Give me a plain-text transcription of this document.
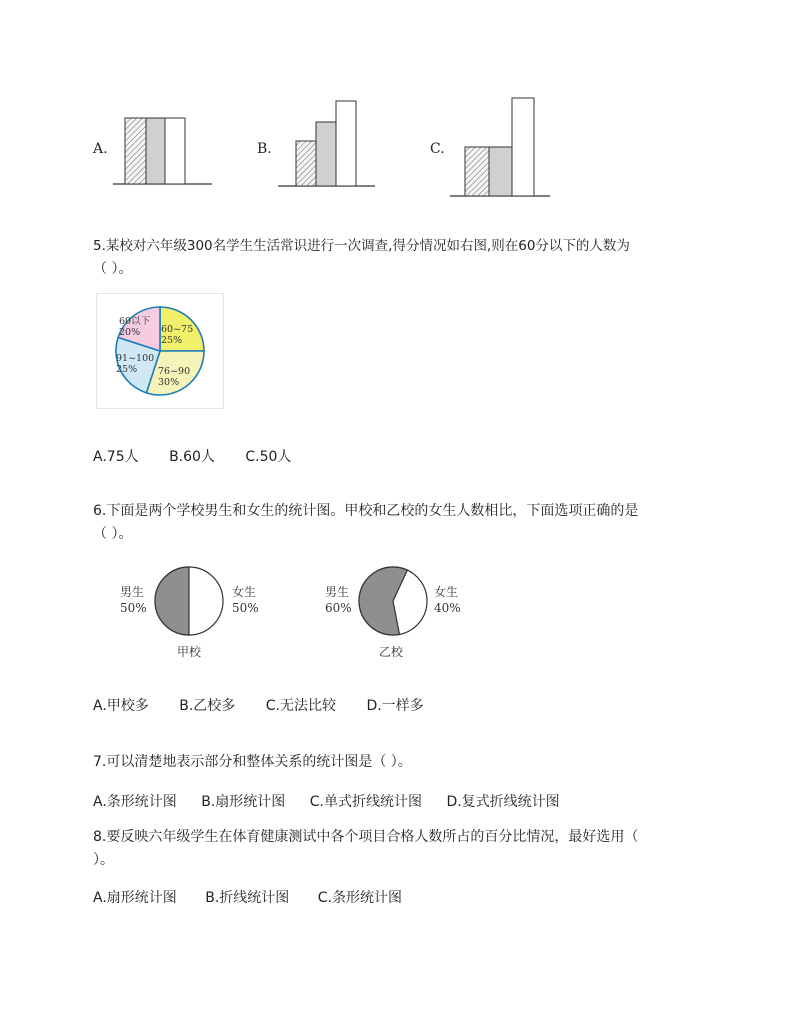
A.	B.	C.
5.某校对六年级300名学生生活常识进行一次调查,得分情况如右图,则在60分以下的人数为
（ ）。
60以下
20%	60~75
25%
76~90
30%
91~100
25%
A.75人 B.60人 C.50人
6.下面是两个学校男生和女生的统计图。甲校和乙校的女生人数相比，下面选项正确的是
（ ）。
男生
50%
女生
50%
甲校
男生
60%
女生
40%
乙校
A.甲校多 B.乙校多 C.无法比较 D.一样多
7.可以清楚地表示部分和整体关系的统计图是（ ）。
A.条形统计图 B.扇形统计图 C.单式折线统计图 D.复式折线统计图
8.要反映六年级学生在体育健康测试中各个项目合格人数所占的百分比情况，最好选用（
）。
A.扇形统计图 B.折线统计图 C.条形统计图
